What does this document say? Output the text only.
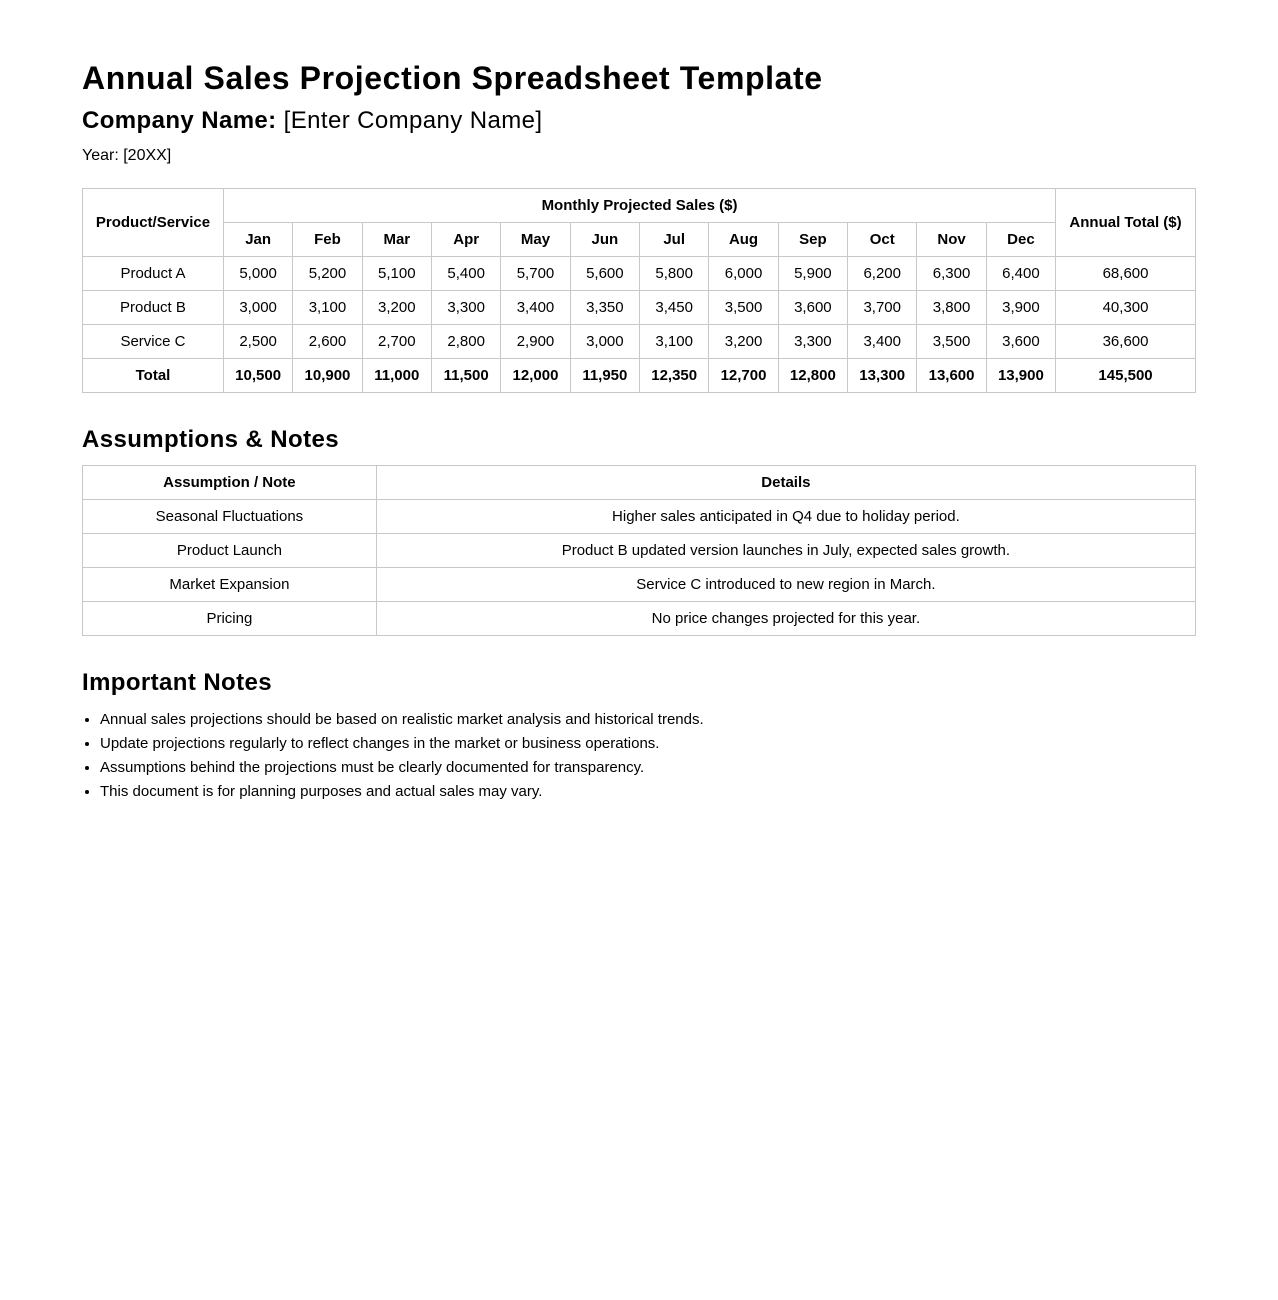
Annual Sales Projection Spreadsheet Template
Company Name: [Enter Company Name]
Year: [20XX]
Product/Service	Monthly Projected Sales ($)												Annual Total ($)
	Jan	Feb	Mar	Apr	May	Jun	Jul	Aug	Sep	Oct	Nov	Dec	
Product A	5,000	5,200	5,100	5,400	5,700	5,600	5,800	6,000	5,900	6,200	6,300	6,400	68,600
Product B	3,000	3,100	3,200	3,300	3,400	3,350	3,450	3,500	3,600	3,700	3,800	3,900	40,300
Service C	2,500	2,600	2,700	2,800	2,900	3,000	3,100	3,200	3,300	3,400	3,500	3,600	36,600
Total	10,500	10,900	11,000	11,500	12,000	11,950	12,350	12,700	12,800	13,300	13,600	13,900	145,500
Assumptions & Notes
Assumption / Note	Details
Seasonal Fluctuations	Higher sales anticipated in Q4 due to holiday period.
Product Launch	Product B updated version launches in July, expected sales growth.
Market Expansion	Service C introduced to new region in March.
Pricing	No price changes projected for this year.
Important Notes
• Annual sales projections should be based on realistic market analysis and historical trends.
• Update projections regularly to reflect changes in the market or business operations.
• Assumptions behind the projections must be clearly documented for transparency.
• This document is for planning purposes and actual sales may vary.
